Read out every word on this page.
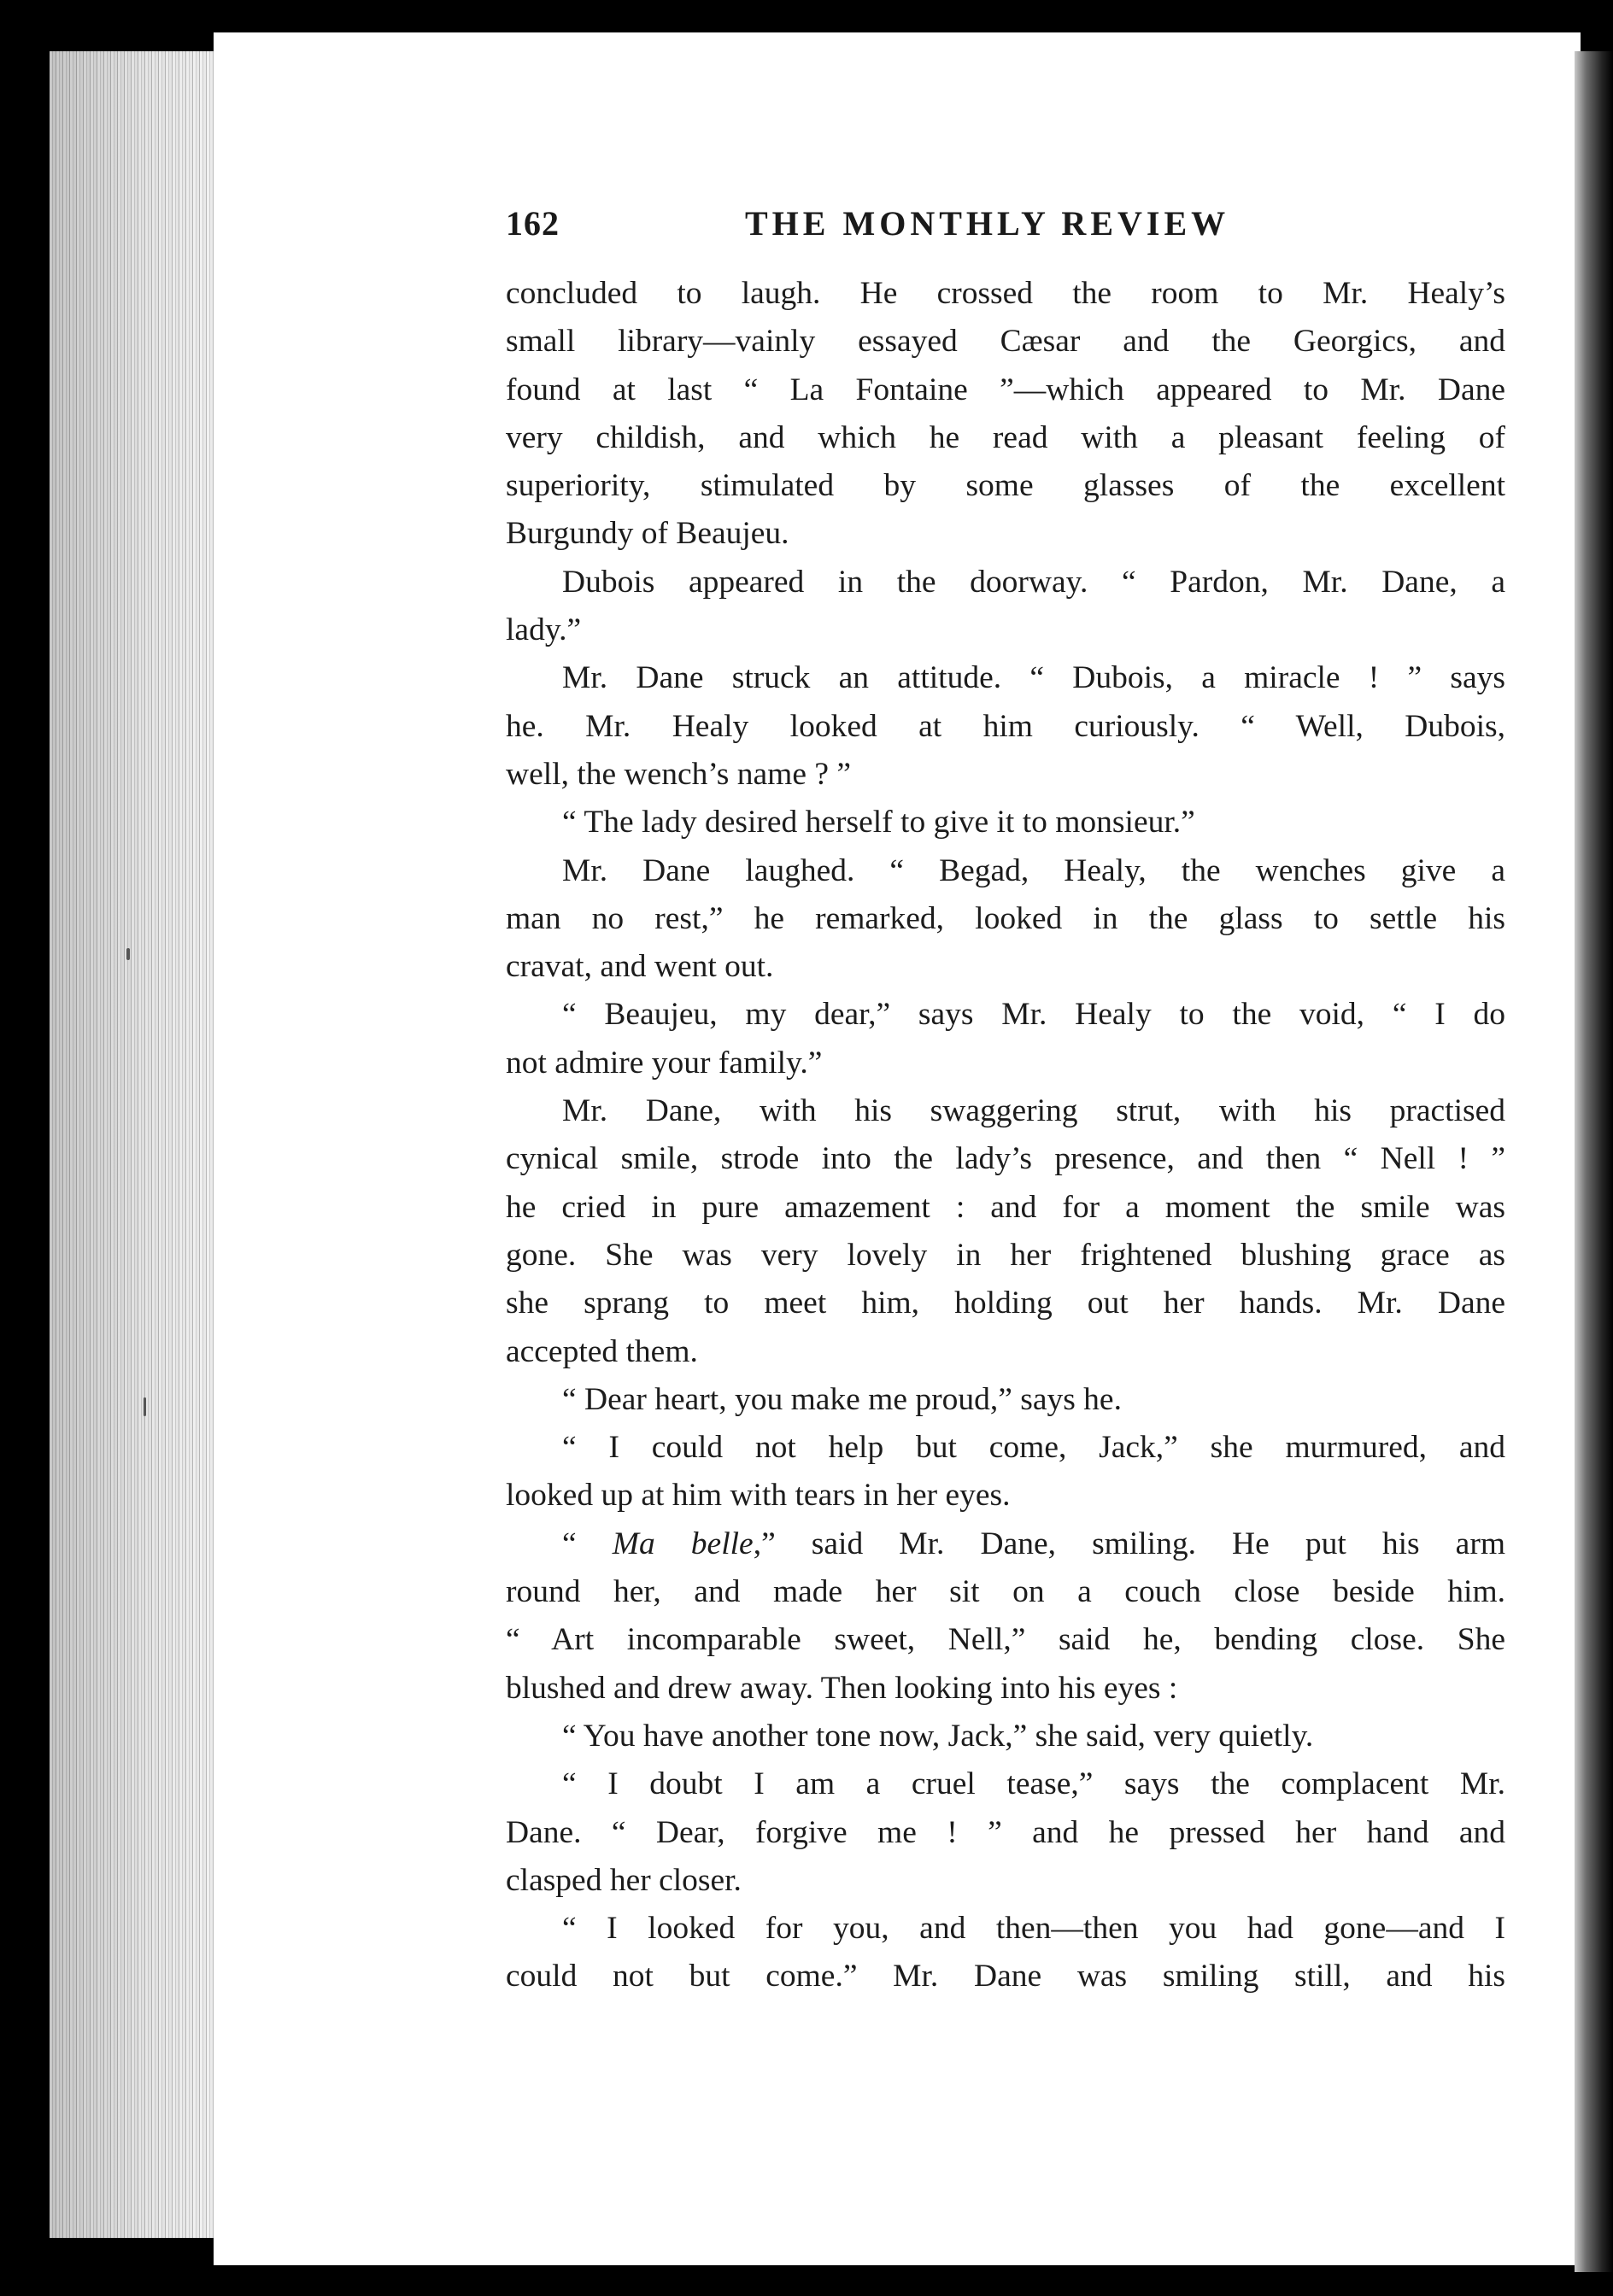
162	THE MONTHLY REVIEW
concluded to laugh. He crossed the room to Mr. Healy’s
small library—vainly essayed Cæsar and the Georgics, and
found at last “ La Fontaine ”—which appeared to Mr. Dane
very childish, and which he read with a pleasant feeling of
superiority, stimulated by some glasses of the excellent
Burgundy of Beaujeu.
Dubois appeared in the doorway. “ Pardon, Mr. Dane, a
lady.”
Mr. Dane struck an attitude. “ Dubois, a miracle ! ” says
he. Mr. Healy looked at him curiously. “ Well, Dubois,
well, the wench’s name ? ”
“ The lady desired herself to give it to monsieur.”
Mr. Dane laughed. “ Begad, Healy, the wenches give a
man no rest,” he remarked, looked in the glass to settle his
cravat, and went out.
“ Beaujeu, my dear,” says Mr. Healy to the void, “ I do
not admire your family.”
Mr. Dane, with his swaggering strut, with his practised
cynical smile, strode into the lady’s presence, and then “ Nell ! ”
he cried in pure amazement : and for a moment the smile was
gone. She was very lovely in her frightened blushing grace as
she sprang to meet him, holding out her hands. Mr. Dane
accepted them.
“ Dear heart, you make me proud,” says he.
“ I could not help but come, Jack,” she murmured, and
looked up at him with tears in her eyes.
“ Ma belle,” said Mr. Dane, smiling. He put his arm
round her, and made her sit on a couch close beside him.
“ Art incomparable sweet, Nell,” said he, bending close. She
blushed and drew away. Then looking into his eyes :
“ You have another tone now, Jack,” she said, very quietly.
“ I doubt I am a cruel tease,” says the complacent Mr.
Dane. “ Dear, forgive me ! ” and he pressed her hand and
clasped her closer.
“ I looked for you, and then—then you had gone—and I
could not but come.” Mr. Dane was smiling still, and his
